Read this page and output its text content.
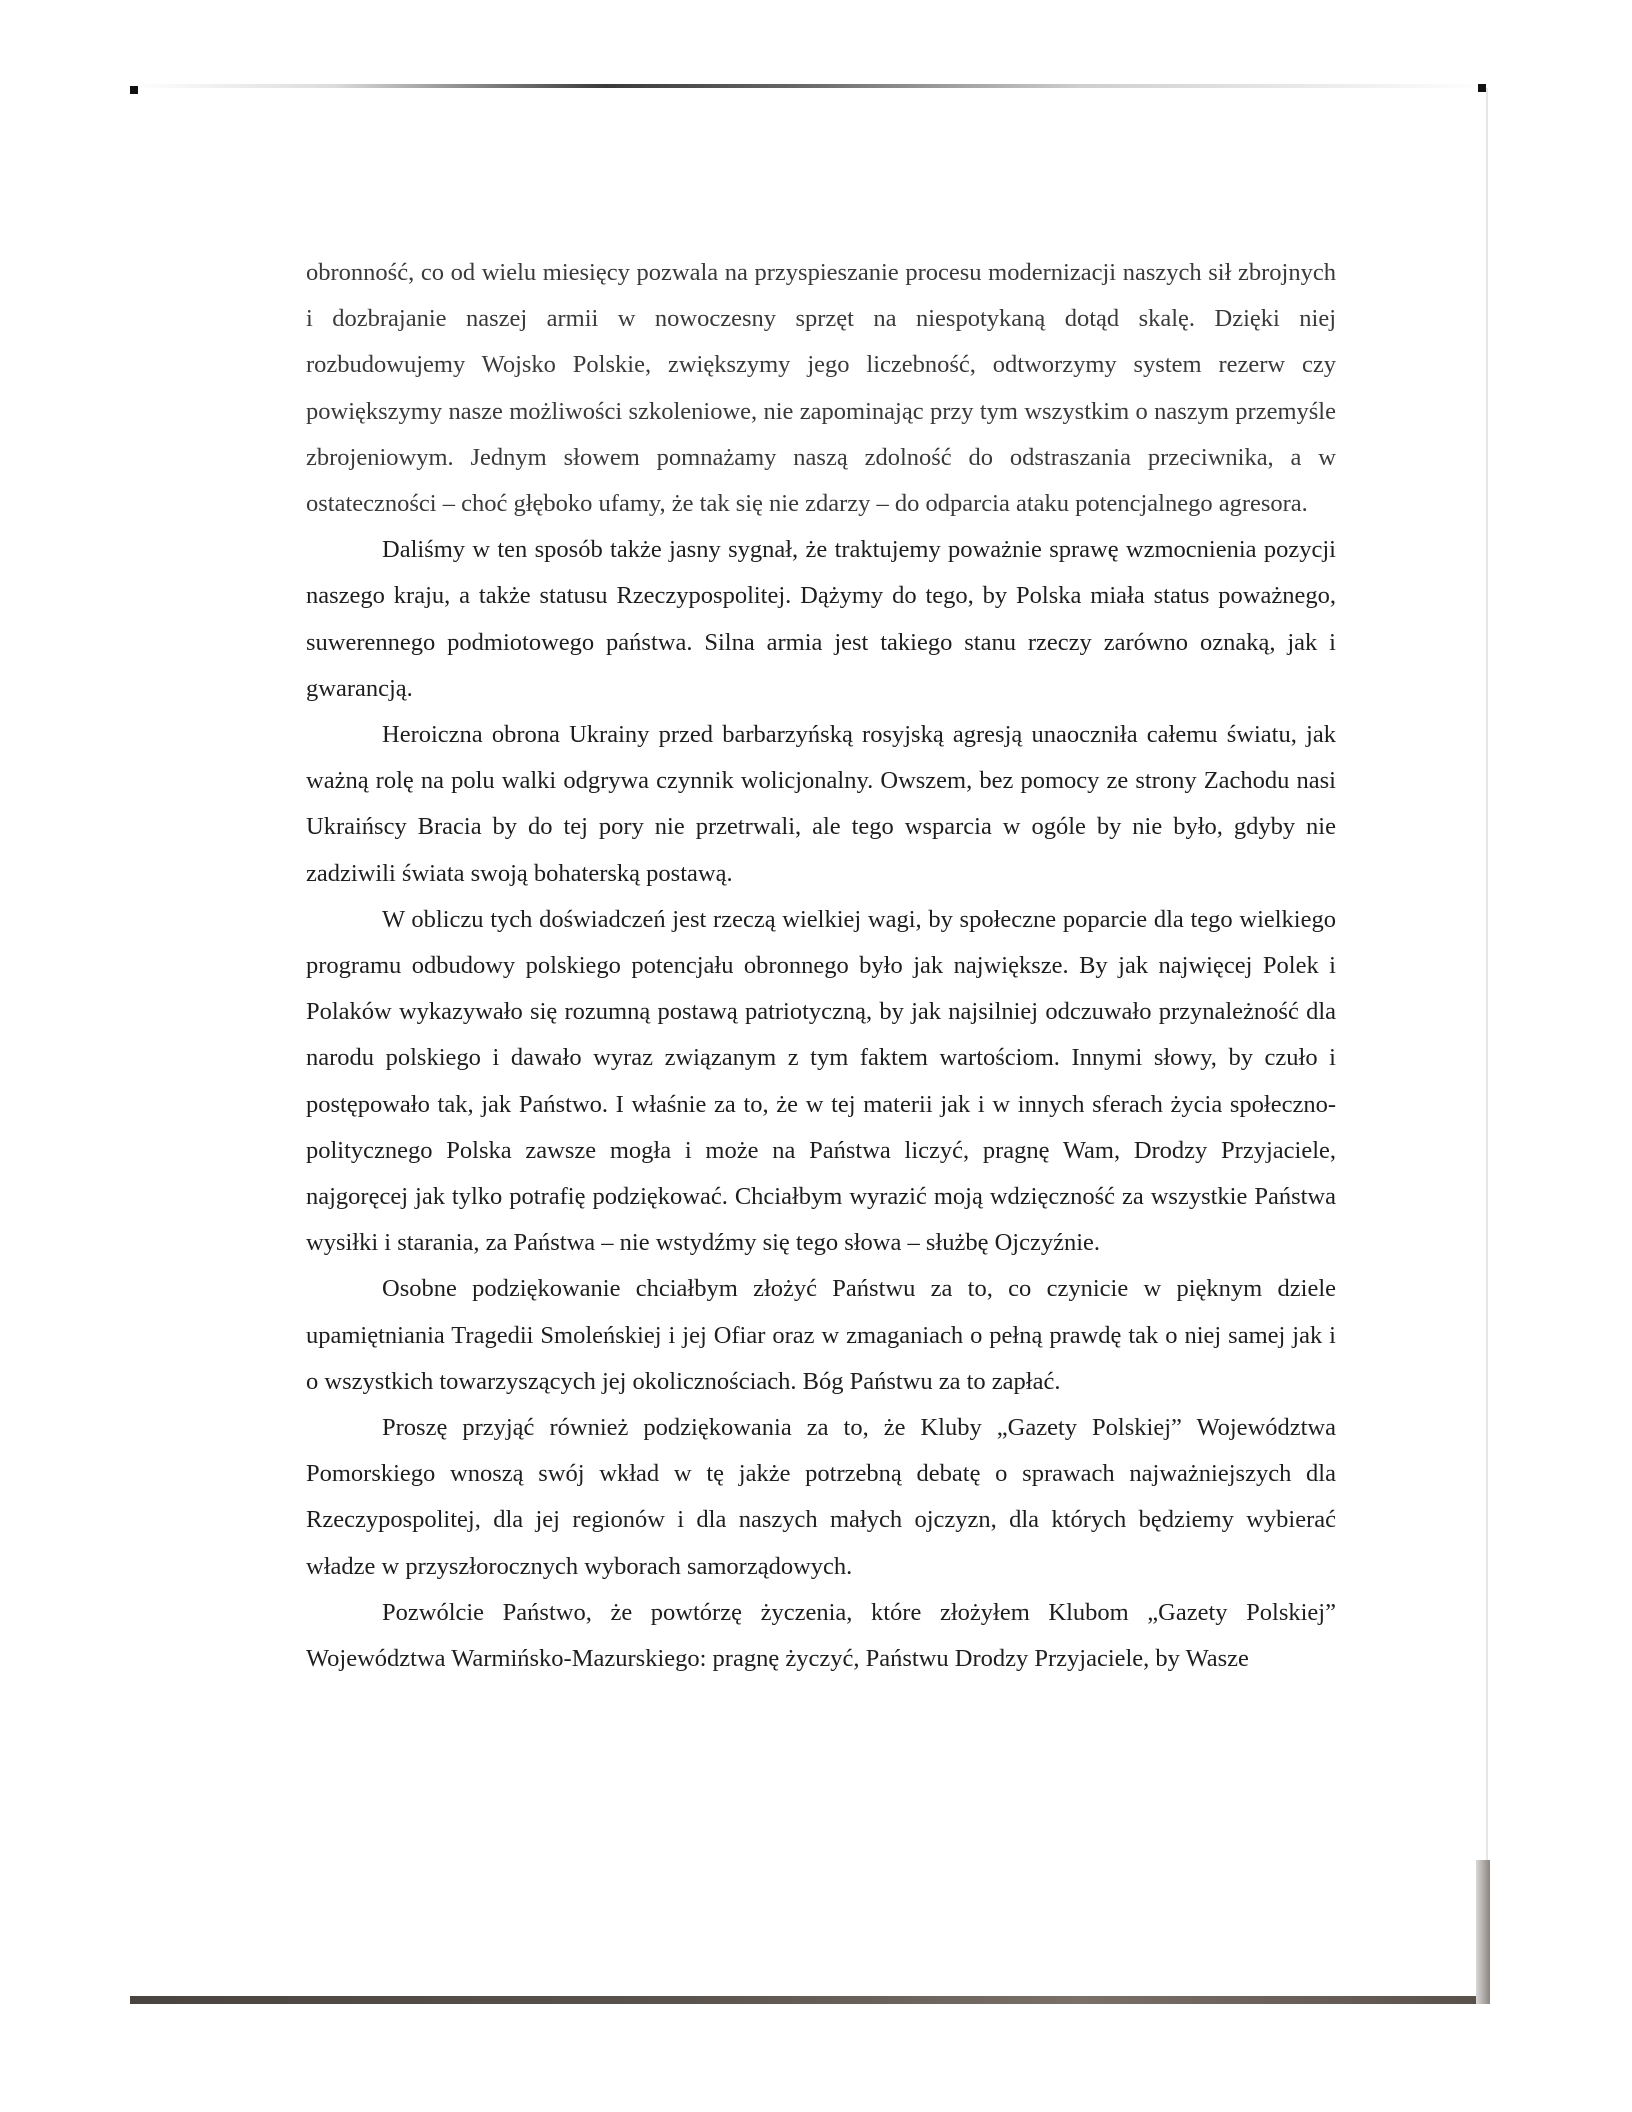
obronność, co od wielu miesięcy pozwala na przyspieszanie procesu modernizacji naszych sił zbrojnych i dozbrajanie naszej armii w nowoczesny sprzęt na niespotykaną dotąd skalę. Dzięki niej rozbudowujemy Wojsko Polskie, zwiększymy jego liczebność, odtworzymy system rezerw czy powiększymy nasze możliwości szkoleniowe, nie zapominając przy tym wszystkim o naszym przemyśle zbrojeniowym. Jednym słowem pomnażamy naszą zdolność do odstraszania przeciwnika, a w ostateczności – choć głęboko ufamy, że tak się nie zdarzy – do odparcia ataku potencjalnego agresora.

Daliśmy w ten sposób także jasny sygnał, że traktujemy poważnie sprawę wzmocnienia pozycji naszego kraju, a także statusu Rzeczypospolitej. Dążymy do tego, by Polska miała status poważnego, suwerennego podmiotowego państwa. Silna armia jest takiego stanu rzeczy zarówno oznaką, jak i gwarancją.

Heroiczna obrona Ukrainy przed barbarzyńską rosyjską agresją unaoczniła całemu światu, jak ważną rolę na polu walki odgrywa czynnik wolicjonalny. Owszem, bez pomocy ze strony Zachodu nasi Ukraińscy Bracia by do tej pory nie przetrwali, ale tego wsparcia w ogóle by nie było, gdyby nie zadziwili świata swoją bohaterską postawą.

W obliczu tych doświadczeń jest rzeczą wielkiej wagi, by społeczne poparcie dla tego wielkiego programu odbudowy polskiego potencjału obronnego było jak największe. By jak najwięcej Polek i Polaków wykazywało się rozumną postawą patriotyczną, by jak najsilniej odczuwało przynależność dla narodu polskiego i dawało wyraz związanym z tym faktem wartościom. Innymi słowy, by czuło i postępowało tak, jak Państwo. I właśnie za to, że w tej materii jak i w innych sferach życia społeczno-politycznego Polska zawsze mogła i może na Państwa liczyć, pragnę Wam, Drodzy Przyjaciele, najgoręcej jak tylko potrafię podziękować. Chciałbym wyrazić moją wdzięczność za wszystkie Państwa wysiłki i starania, za Państwa – nie wstydźmy się tego słowa – służbę Ojczyźnie.

Osobne podziękowanie chciałbym złożyć Państwu za to, co czynicie w pięknym dziele upamiętniania Tragedii Smoleńskiej i jej Ofiar oraz w zmaganiach o pełną prawdę tak o niej samej jak i o wszystkich towarzyszących jej okolicznościach. Bóg Państwu za to zapłać.

Proszę przyjąć również podziękowania za to, że Kluby „Gazety Polskiej” Województwa Pomorskiego wnoszą swój wkład w tę jakże potrzebną debatę o sprawach najważniejszych dla Rzeczypospolitej, dla jej regionów i dla naszych małych ojczyzn, dla których będziemy wybierać władze w przyszłorocznych wyborach samorządowych.

Pozwólcie Państwo, że powtórzę życzenia, które złożyłem Klubom „Gazety Polskiej” Województwa Warmińsko-Mazurskiego: pragnę życzyć, Państwu Drodzy Przyjaciele, by Wasze
